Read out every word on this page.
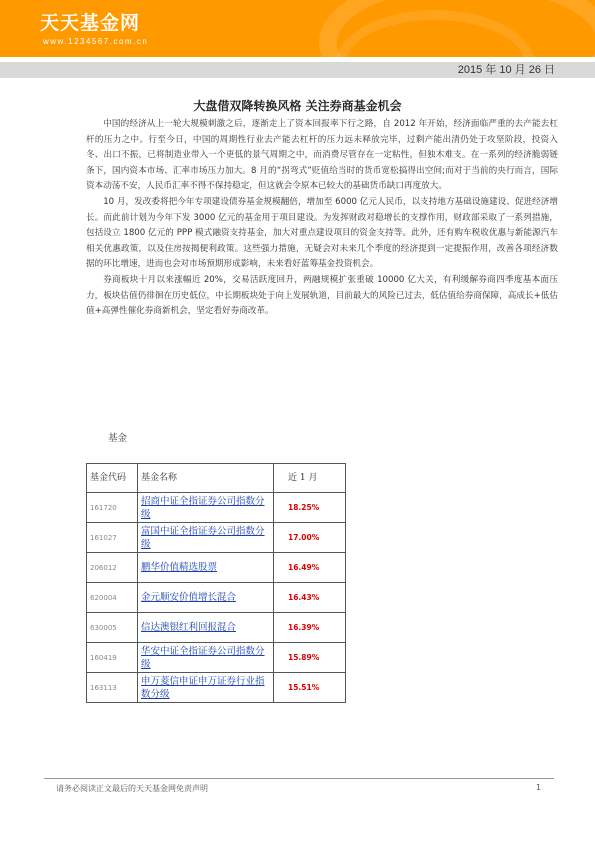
天天基金网
www.1234567.com.cn
2015 年 10 月 26 日
大盘借双降转换风格 关注券商基金机会

中国的经济从上一轮大规模刺激之后，逐渐走上了资本回报率下行之路，自 2012 年开始，经济面临严重的去产能去杠杆的压力之中。行至今日，中国的周期性行业去产能去杠杆的压力远未释放完毕，过剩产能出清仍处于攻坚阶段，投资入冬、出口不振，已将制造业带入一个更低的景气周期之中，而消费尽管存在一定粘性，但独木难支。在一系列的经济脆弱链条下，国内资本市场、汇率市场压力加大。8 月的“拐弯式”贬值给当时的货币宽松搞得出空间;而对于当前的央行而言，国际资本动荡不安，人民币汇率不得不保持稳定，但这就会令原本已较大的基础货币缺口再度放大。

10 月，发改委将把今年专项建设债券基金规模翻倍，增加至 6000 亿元人民币，以支持地方基础设施建设、促进经济增长。而此前计划为今年下发 3000 亿元的基金用于项目建设。为发挥财政对稳增长的支撑作用，财政部采取了一系列措施，包括设立 1800 亿元的 PPP 模式融资支持基金，加大对重点建设项目的资金支持等。此外，还有购车税收优惠与新能源汽车相关优惠政策，以及住房按揭便利政策。这些强力措施，无疑会对未来几个季度的经济提到一定提振作用，改善各项经济数据的环比增速，进而也会对市场预期形成影响，未来看好蓝筹基金投资机会。

券商板块十月以来涨幅近 20%，交易活跃度回升，两融规模扩张重破 10000 亿大关，有利缓解券商四季度基本面压力，板块估值仍徘徊在历史低位，中长期板块处于向上发展轨道，目前最大的风险已过去，低估值给券商保障，高成长+低估值+高弹性催化券商新机会，坚定看好券商改革。

基金
基金代码	基金名称	近 1 月
161720	招商中证全指证券公司指数分级	18.25%
161027	富国中证全指证券公司指数分级	17.00%
206012	鹏华价值精选股票	16.49%
620004	金元顺安价值增长混合	16.43%
630005	信达澳银红利回报混合	16.39%
160419	华安中证全指证券公司指数分级	15.89%
163113	申万菱信申证申万证券行业指数分级	15.51%
请务必阅读正文最后的天天基金网免责声明	1
